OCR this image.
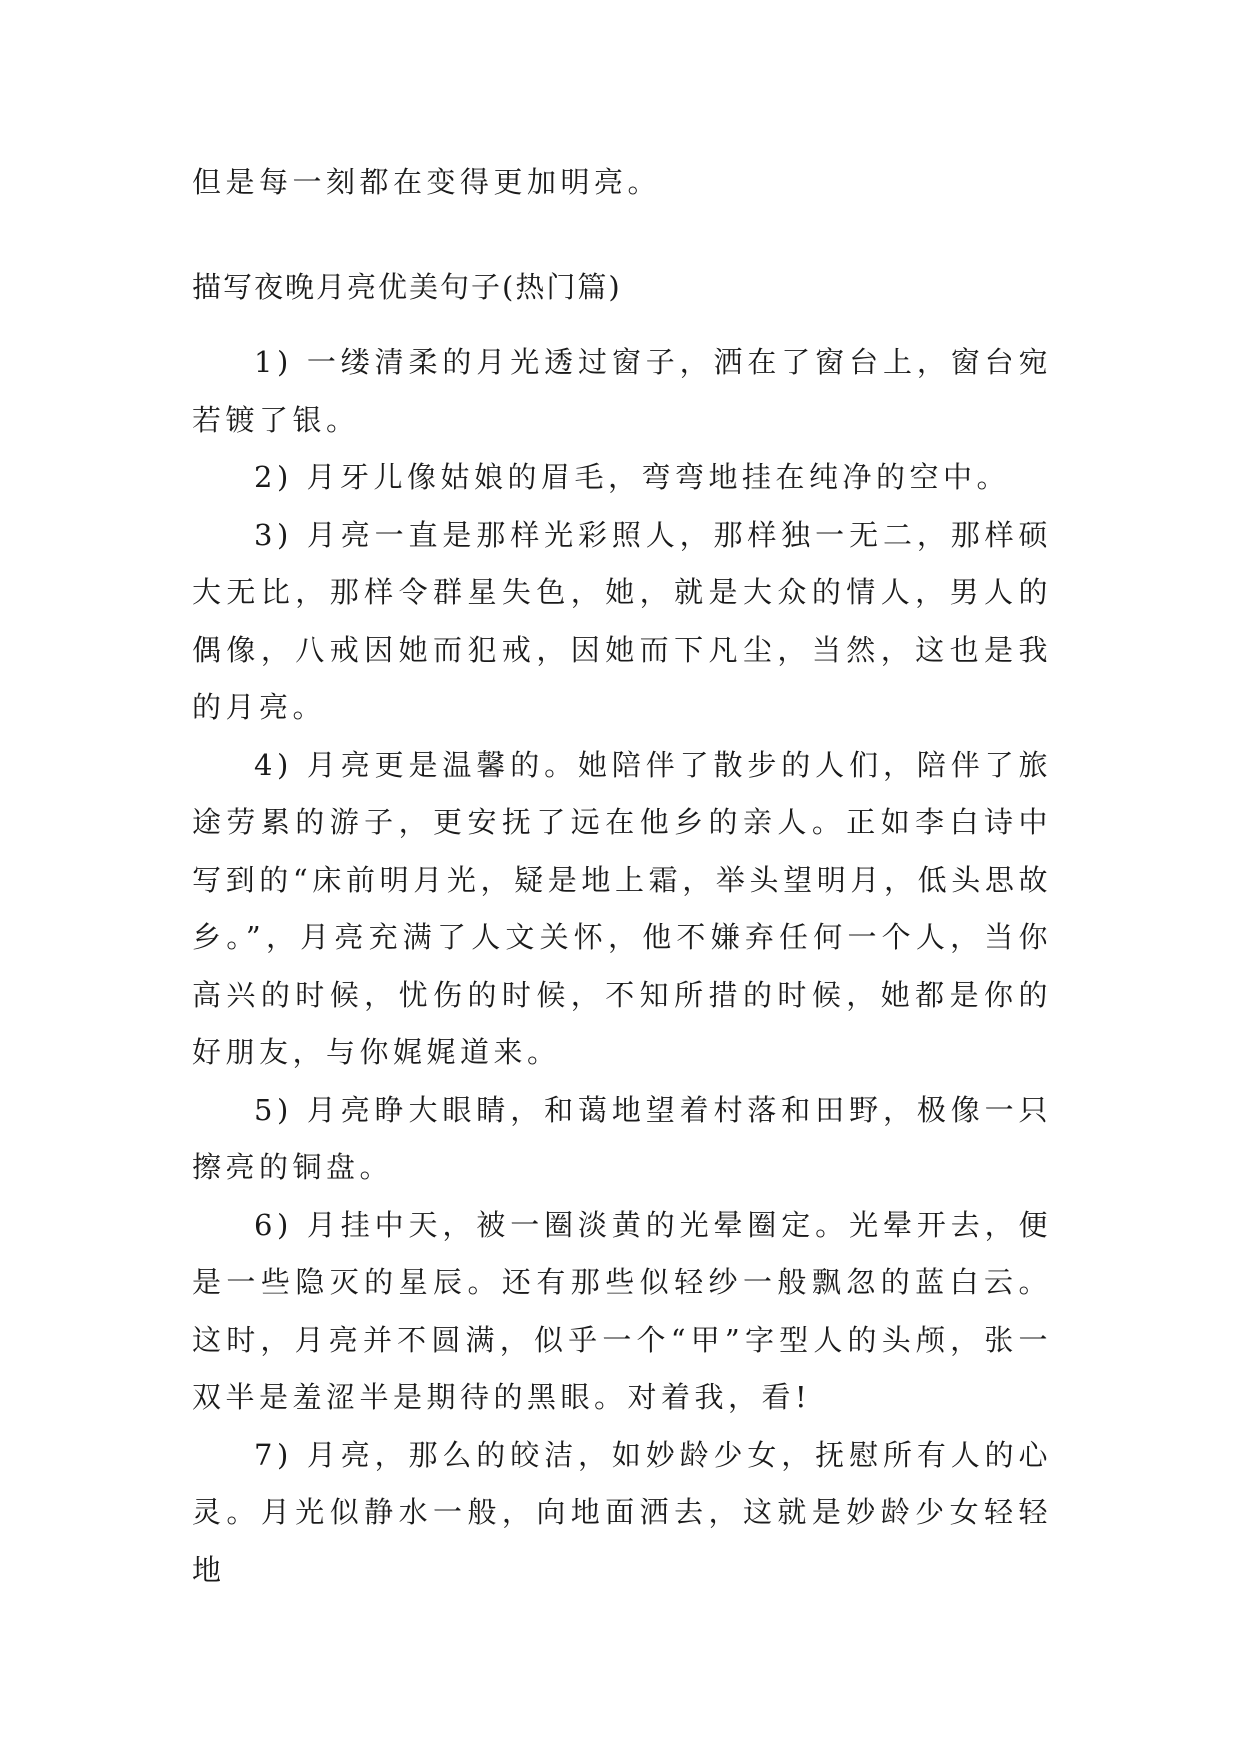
但是每一刻都在变得更加明亮。

描写夜晚月亮优美句子(热门篇)

1) 一缕清柔的月光透过窗子，洒在了窗台上，窗台宛若镀了银。

2) 月牙儿像姑娘的眉毛，弯弯地挂在纯净的空中。

3) 月亮一直是那样光彩照人，那样独一无二，那样硕大无比，那样令群星失色，她，就是大众的情人，男人的偶像，八戒因她而犯戒，因她而下凡尘，当然，这也是我的月亮。

4) 月亮更是温馨的。她陪伴了散步的人们，陪伴了旅途劳累的游子，更安抚了远在他乡的亲人。正如李白诗中写到的“床前明月光，疑是地上霜，举头望明月，低头思故乡。”，月亮充满了人文关怀，他不嫌弃任何一个人，当你高兴的时候，忧伤的时候，不知所措的时候，她都是你的好朋友，与你娓娓道来。

5) 月亮睁大眼睛，和蔼地望着村落和田野，极像一只擦亮的铜盘。

6) 月挂中天，被一圈淡黄的光晕圈定。光晕开去，便是一些隐灭的星辰。还有那些似轻纱一般飘忽的蓝白云。这时，月亮并不圆满，似乎一个“甲”字型人的头颅，张一双半是羞涩半是期待的黑眼。对着我，看!

7) 月亮，那么的皎洁，如妙龄少女，抚慰所有人的心灵。月光似静水一般，向地面洒去，这就是妙龄少女轻轻地
